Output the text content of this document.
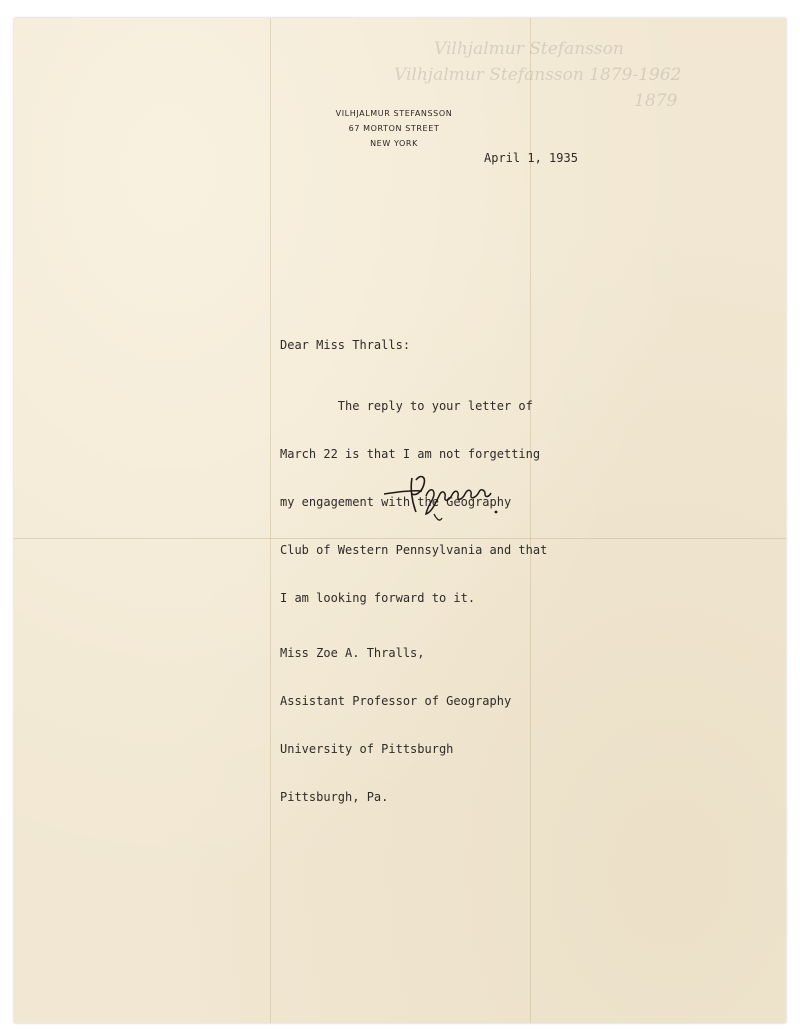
Vilhjalmur Stefansson
Vilhjalmur Stefansson 1879-1962
1879
VILHJALMUR STEFANSSON
67 MORTON STREET
NEW YORK
April 1, 1935
Dear Miss Thralls:

The reply to your letter of

March 22 is that I am not forgetting

my engagement with the Geography

Club of Western Pennsylvania and that

I am looking forward to it.

Miss Zoe A. Thralls,

Assistant Professor of Geography

University of Pittsburgh

Pittsburgh, Pa.
